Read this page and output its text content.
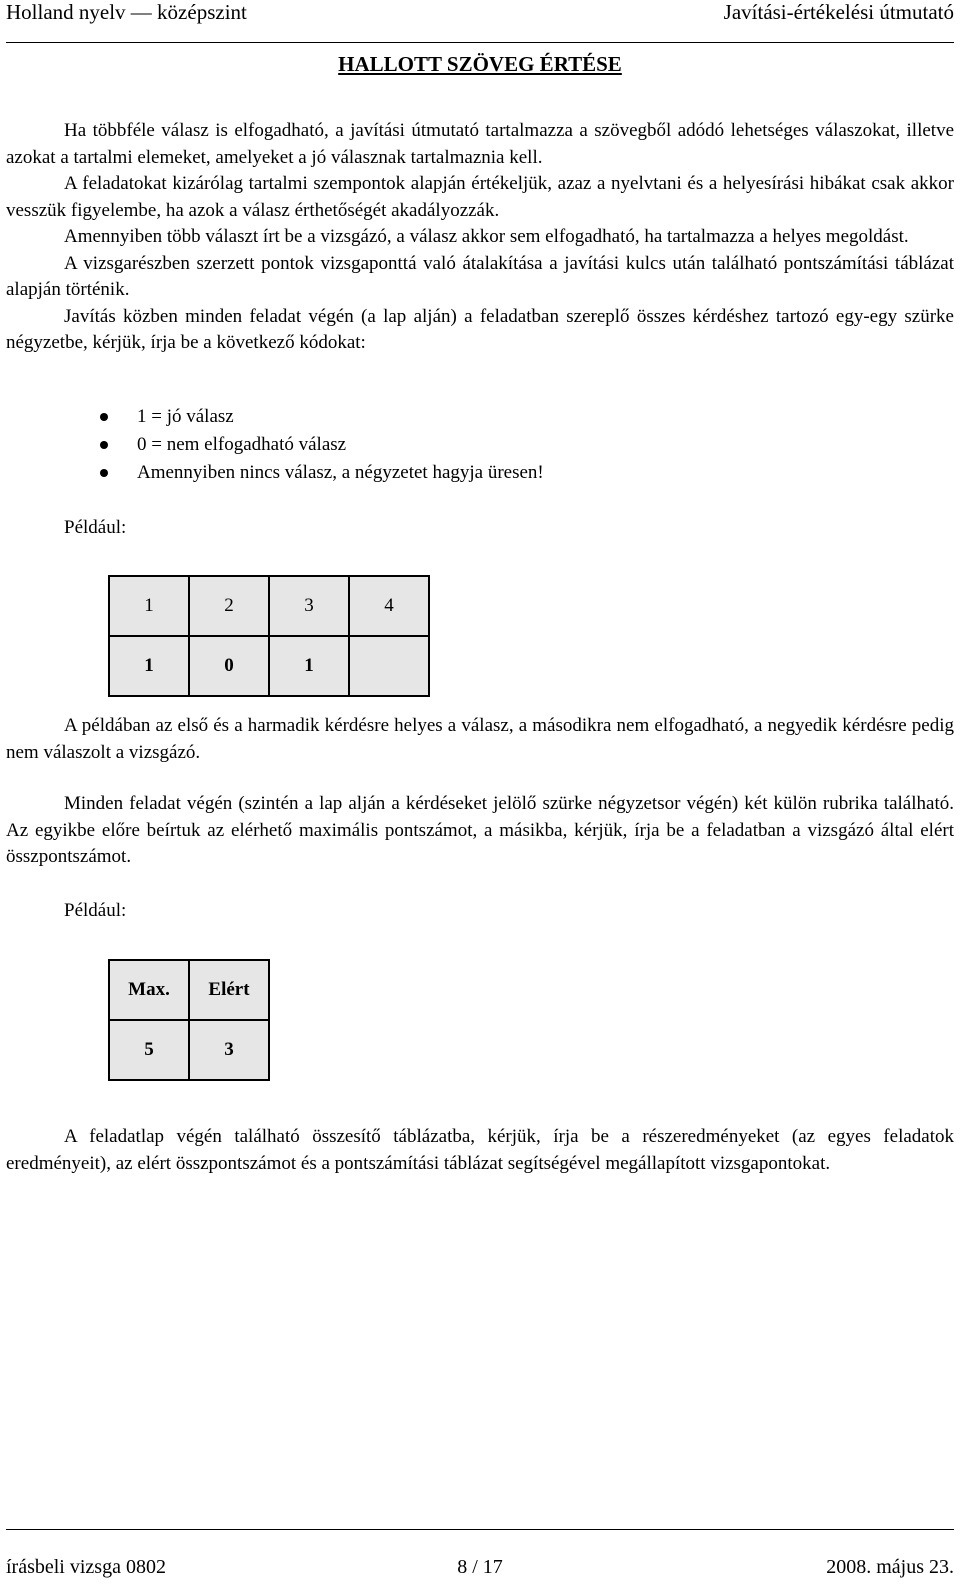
Holland nyelv — középszint	Javítási-értékelési útmutató
HALLOTT SZÖVEG ÉRTÉSE

Ha többféle válasz is elfogadható, a javítási útmutató tartalmazza a szövegből adódó lehetséges válaszokat, illetve azokat a tartalmi elemeket, amelyeket a jó válasznak tartalmaznia kell.

A feladatokat kizárólag tartalmi szempontok alapján értékeljük, azaz a nyelvtani és a helyesírási hibákat csak akkor vesszük figyelembe, ha azok a válasz érthetőségét akadályozzák.

Amennyiben több választ írt be a vizsgázó, a válasz akkor sem elfogadható, ha tartalmazza a helyes megoldást.

A vizsgarészben szerzett pontok vizsgaponttá való átalakítása a javítási kulcs után található pontszámítási táblázat alapján történik.

Javítás közben minden feladat végén (a lap alján) a feladatban szereplő összes kérdéshez tartozó egy-egy szürke négyzetbe, kérjük, írja be a következő kódokat:

1 = jó válasz
0 = nem elfogadható válasz
Amennyiben nincs válasz, a négyzetet hagyja üresen!
Például:
1	2	3	4
1	0	1	

A példában az első és a harmadik kérdésre helyes a válasz, a másodikra nem elfogadható, a negyedik kérdésre pedig nem válaszolt a vizsgázó.

Minden feladat végén (szintén a lap alján a kérdéseket jelölő szürke négyzetsor végén) két külön rubrika található. Az egyikbe előre beírtuk az elérhető maximális pontszámot, a másikba, kérjük, írja be a feladatban a vizsgázó által elért összpontszámot.

Például:
Max.	Elért
5	3

A feladatlap végén található összesítő táblázatba, kérjük, írja be a részeredményeket (az egyes feladatok eredményeit), az elért összpontszámot és a pontszámítási táblázat segítségével megállapított vizsgapontokat.

írásbeli vizsga 0802	8 / 17	2008. május 23.
